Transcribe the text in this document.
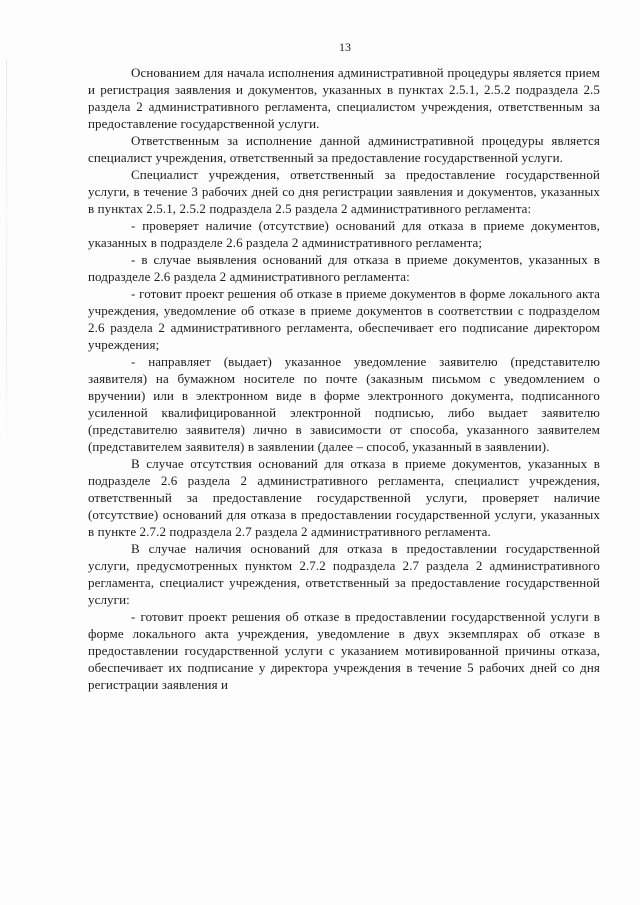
13

Основанием для начала исполнения административной процедуры является прием и регистрация заявления и документов, указанных в пунктах 2.5.1, 2.5.2 подраздела 2.5 раздела 2 административного регламента, специалистом учреждения, ответственным за предоставление государственной услуги.

Ответственным за исполнение данной административной процедуры является специалист учреждения, ответственный за предоставление государственной услуги.

Специалист учреждения, ответственный за предоставление государственной услуги, в течение 3 рабочих дней со дня регистрации заявления и документов, указанных в пунктах 2.5.1, 2.5.2 подраздела 2.5 раздела 2 административного регламента:

- проверяет наличие (отсутствие) оснований для отказа в приеме документов, указанных в подразделе 2.6 раздела 2 административного регламента;

- в случае выявления оснований для отказа в приеме документов, указанных в подразделе 2.6 раздела 2 административного регламента:

- готовит проект решения об отказе в приеме документов в форме локального акта учреждения, уведомление об отказе в приеме документов в соответствии с подразделом 2.6 раздела 2 административного регламента, обеспечивает его подписание директором учреждения;

- направляет (выдает) указанное уведомление заявителю (представителю заявителя) на бумажном носителе по почте (заказным письмом с уведомлением о вручении) или в электронном виде в форме электронного документа, подписанного усиленной квалифицированной электронной подписью, либо выдает заявителю (представителю заявителя) лично в зависимости от способа, указанного заявителем (представителем заявителя) в заявлении (далее – способ, указанный в заявлении).

В случае отсутствия оснований для отказа в приеме документов, указанных в подразделе 2.6 раздела 2 административного регламента, специалист учреждения, ответственный за предоставление государственной услуги, проверяет наличие (отсутствие) оснований для отказа в предоставлении государственной услуги, указанных в пункте 2.7.2 подраздела 2.7 раздела 2 административного регламента.

В случае наличия оснований для отказа в предоставлении государственной услуги, предусмотренных пунктом 2.7.2 подраздела 2.7 раздела 2 административного регламента, специалист учреждения, ответственный за предоставление государственной услуги:

- готовит проект решения об отказе в предоставлении государственной услуги в форме локального акта учреждения, уведомление в двух экземплярах об отказе в предоставлении государственной услуги с указанием мотивированной причины отказа, обеспечивает их подписание у директора учреждения в течение 5 рабочих дней со дня регистрации заявления и
